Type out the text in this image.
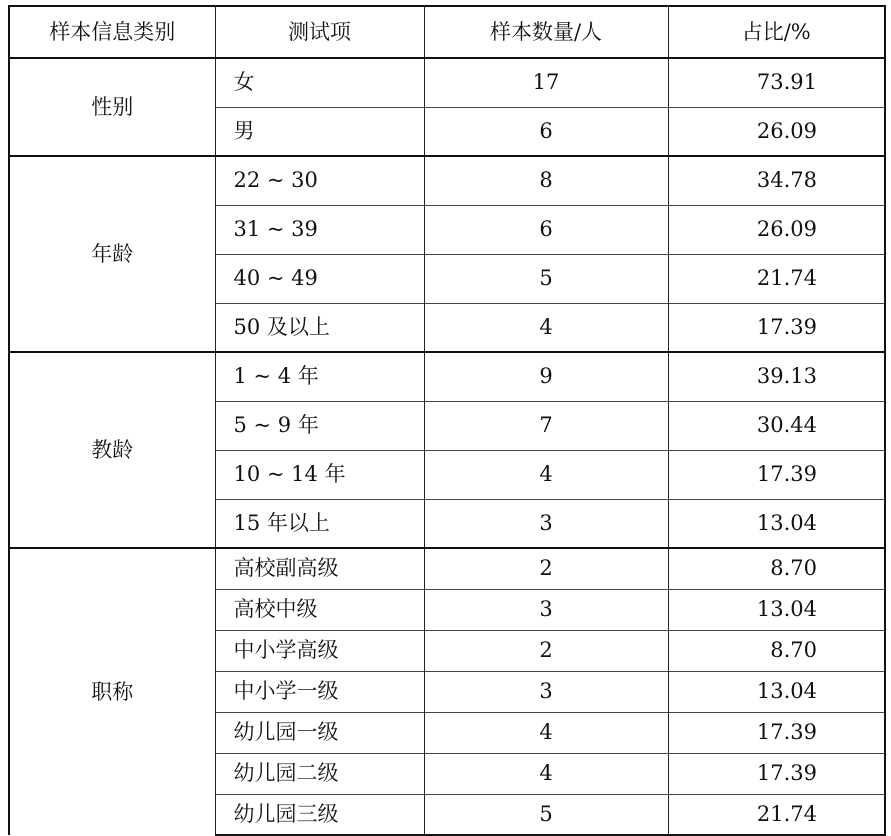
样本信息类别	测试项	样本数量/人	占比/%
性别	女	17	73.91
	男	6	26.09
年龄	22 ~ 30	8	34.78
	31 ~ 39	6	26.09
	40 ~ 49	5	21.74
	50 及以上	4	17.39
教龄	1 ~ 4 年	9	39.13
	5 ~ 9 年	7	30.44
	10 ~ 14 年	4	17.39
	15 年以上	3	13.04
职称	高校副高级	2	8.70
	高校中级	3	13.04
	中小学高级	2	8.70
	中小学一级	3	13.04
	幼儿园一级	4	17.39
	幼儿园二级	4	17.39
	幼儿园三级	5	21.74
